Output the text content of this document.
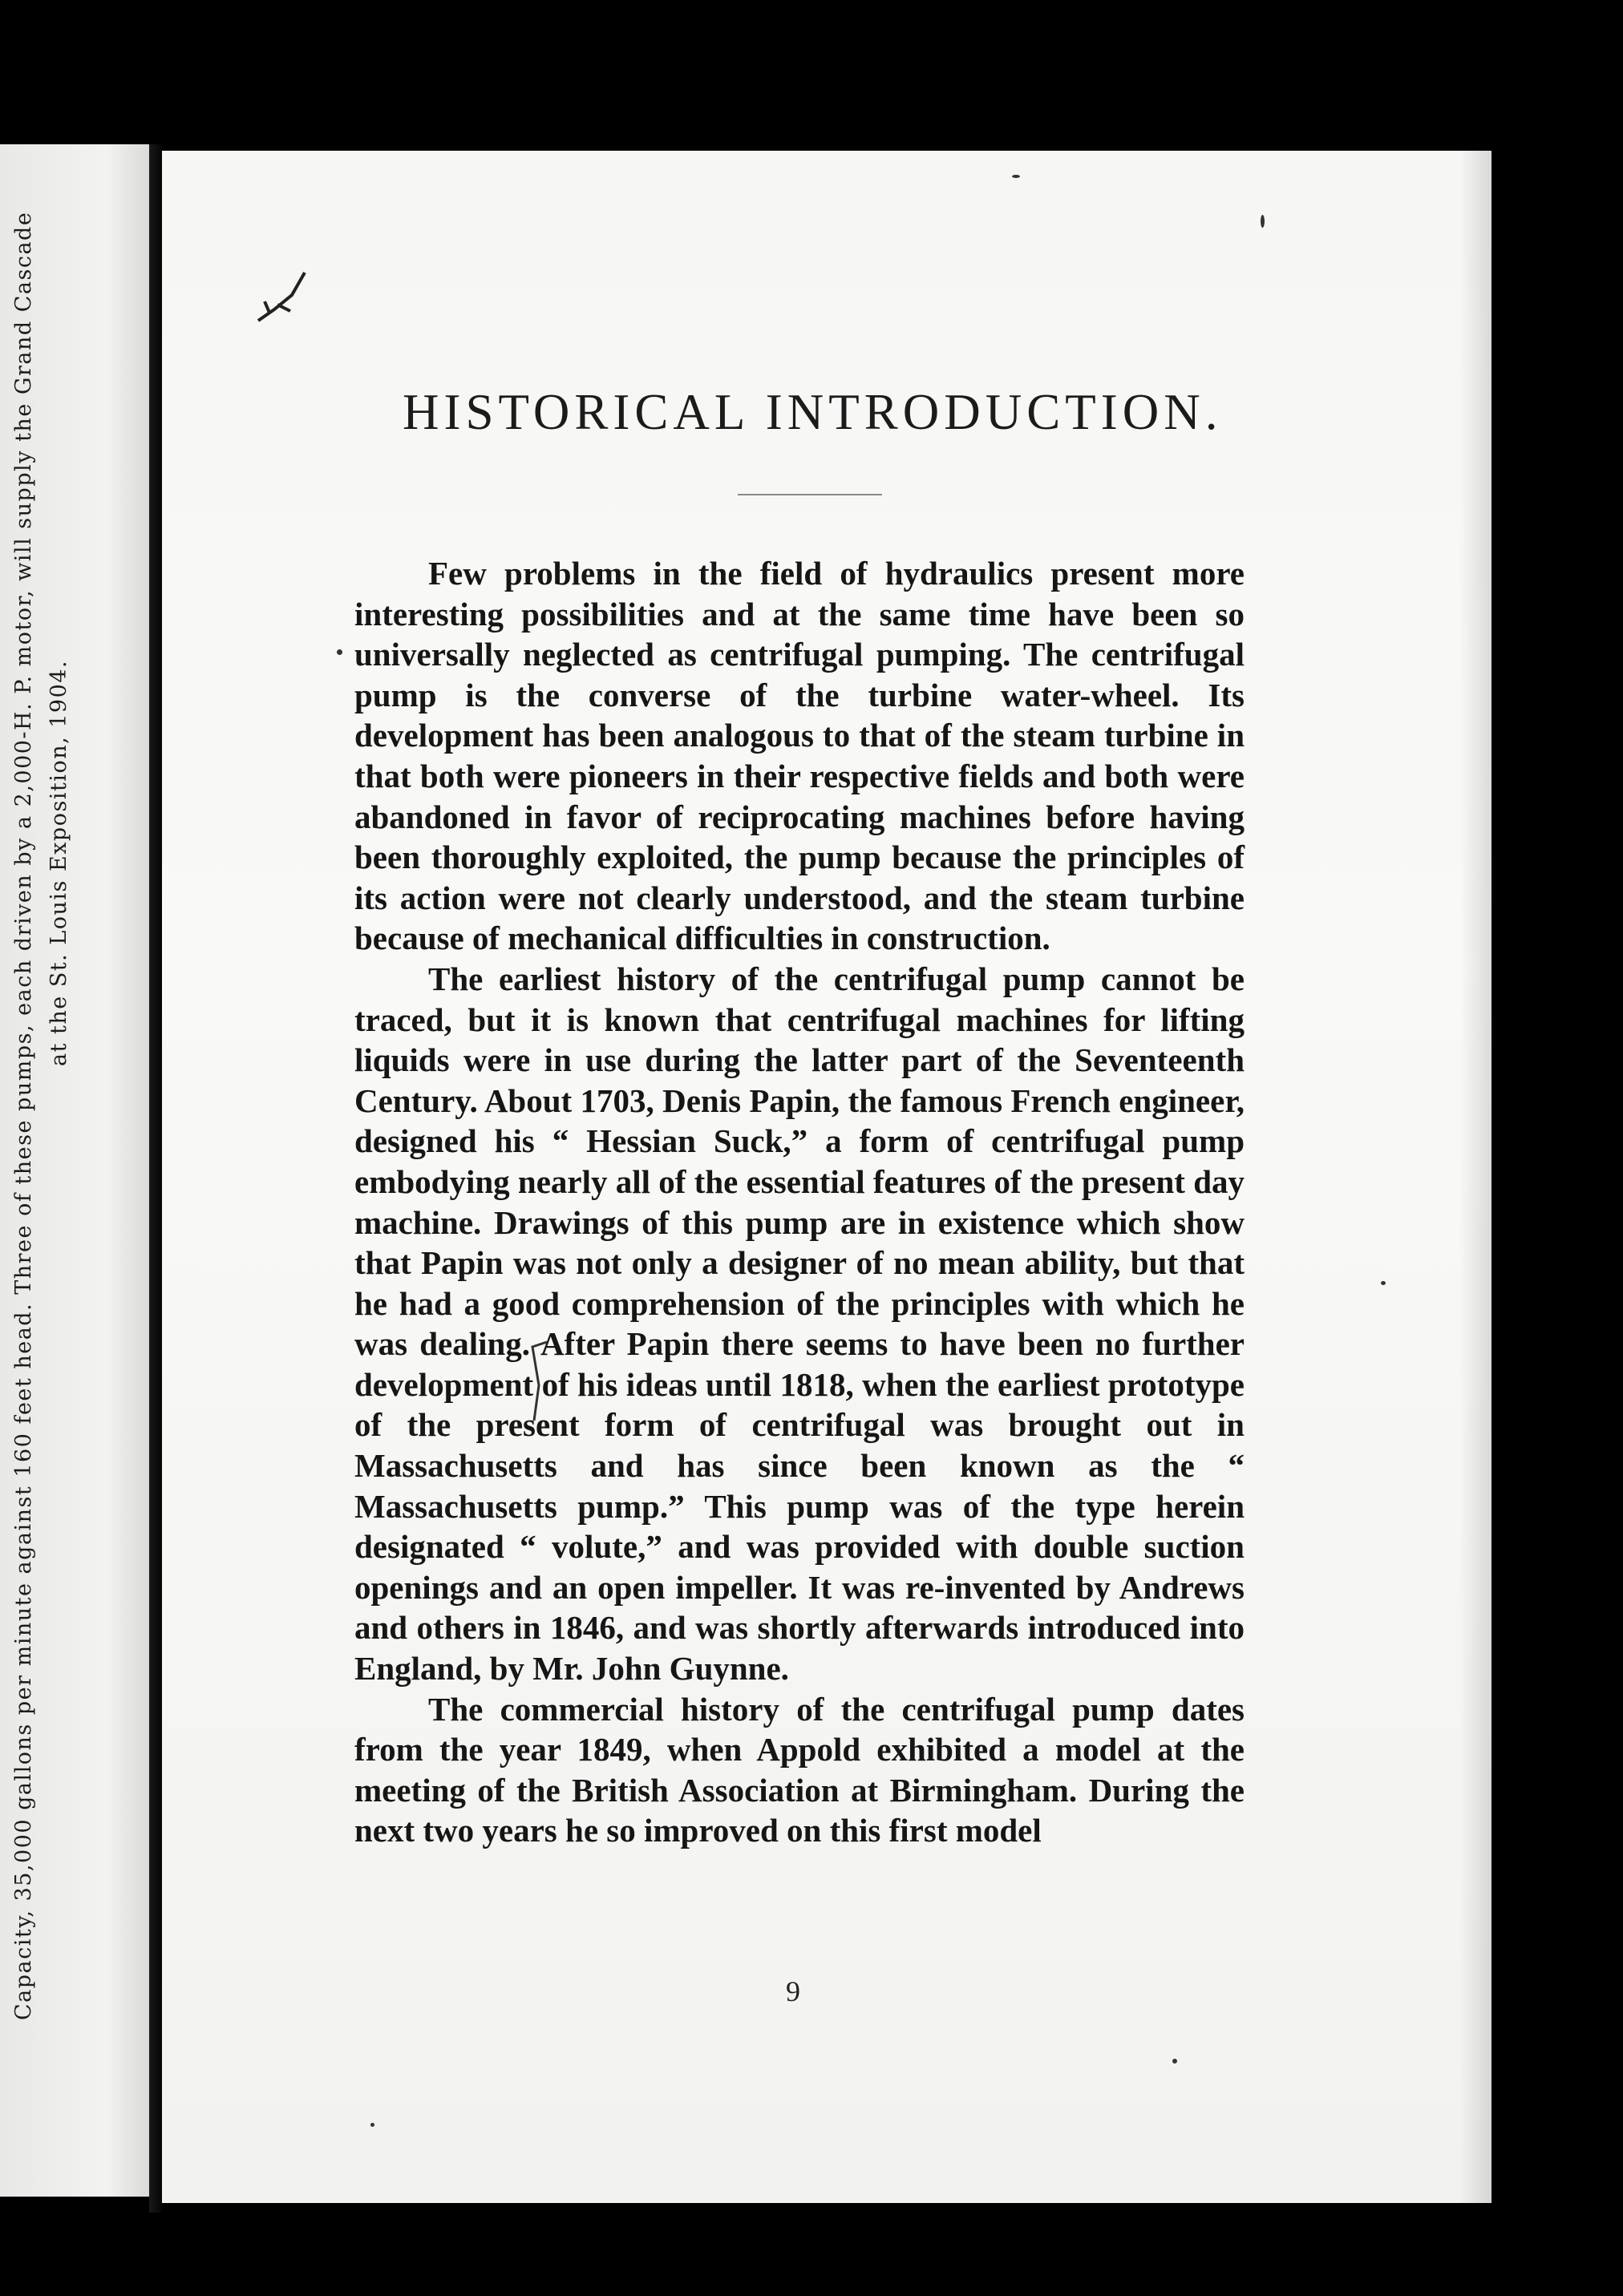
Capacity, 35,000 gallons per minute against 160 feet head. Three of these pumps, each driven by a 2,000-H. P. motor, will supply the Grand Cascade at the St. Louis Exposition, 1904.
HISTORICAL INTRODUCTION.

Few problems in the field of hydraulics present more interesting possibilities and at the same time have been so universally neglected as centrifugal pumping. The centrifugal pump is the converse of the turbine water-wheel. Its development has been analogous to that of the steam turbine in that both were pioneers in their respective fields and both were abandoned in favor of reciprocating machines before having been thoroughly exploited, the pump because the principles of its action were not clearly understood, and the steam turbine because of mechanical difficulties in construction.

The earliest history of the centrifugal pump cannot be traced, but it is known that centrifugal machines for lifting liquids were in use during the latter part of the Seventeenth Century. About 1703, Denis Papin, the famous French engineer, designed his “ Hessian Suck,” a form of centrifugal pump embodying nearly all of the essential features of the present day machine. Drawings of this pump are in existence which show that Papin was not only a designer of no mean ability, but that he had a good comprehension of the principles with which he was dealing. After Papin there seems to have been no further development of his ideas until 1818, when the earliest prototype of the present form of centrifugal was brought out in Massachusetts and has since been known as the “ Massachusetts pump.” This pump was of the type herein designated “ volute,” and was provided with double suction openings and an open impeller. It was re-invented by Andrews and others in 1846, and was shortly afterwards introduced into England, by Mr. John Guynne.

The commercial history of the centrifugal pump dates from the year 1849, when Appold exhibited a model at the meeting of the British Association at Birmingham. During the next two years he so improved on this first model

9
